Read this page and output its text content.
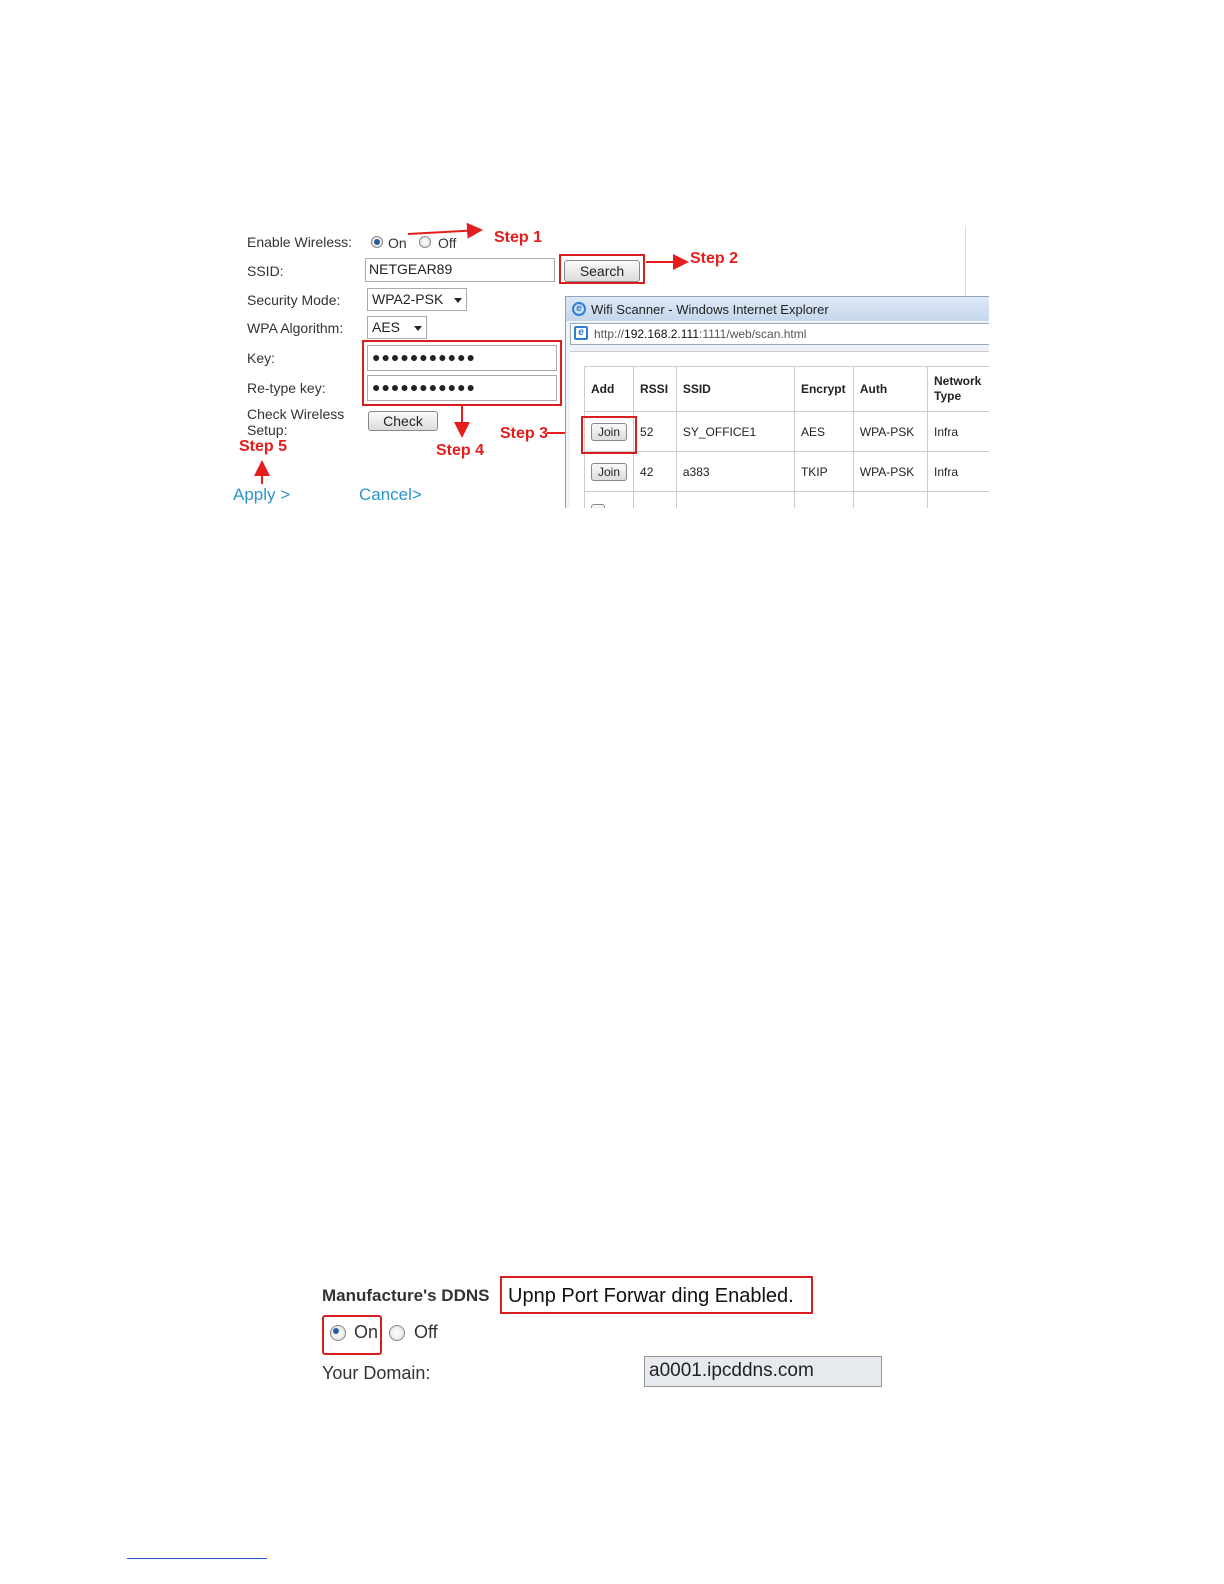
Enable Wireless:	On Off
SSID:	NETGEAR89	Search
Security Mode:	WPA2-PSK
WPA Algorithm:	AES
Key:	●●●●●●●●●●●
Re-type key:	●●●●●●●●●●●
Check Wireless
Setup:
Check
Apply >	Cancel>
Step 1
Step 2
Step 3
Step 4
Step 5
e Wifi Scanner - Windows Internet Explorer
e http://192.168.2.111:1111/web/scan.html
Add	RSSI	SSID	Encrypt	Auth	Network Type
Join	52	SY_OFFICE1	AES	WPA-PSK	Infra
Join	42	a383	TKIP	WPA-PSK	Infra

Manufacture's DDNS Upnp Port Forwar ding Enabled.
On Off
Your Domain:	a0001.ipcddns.com
